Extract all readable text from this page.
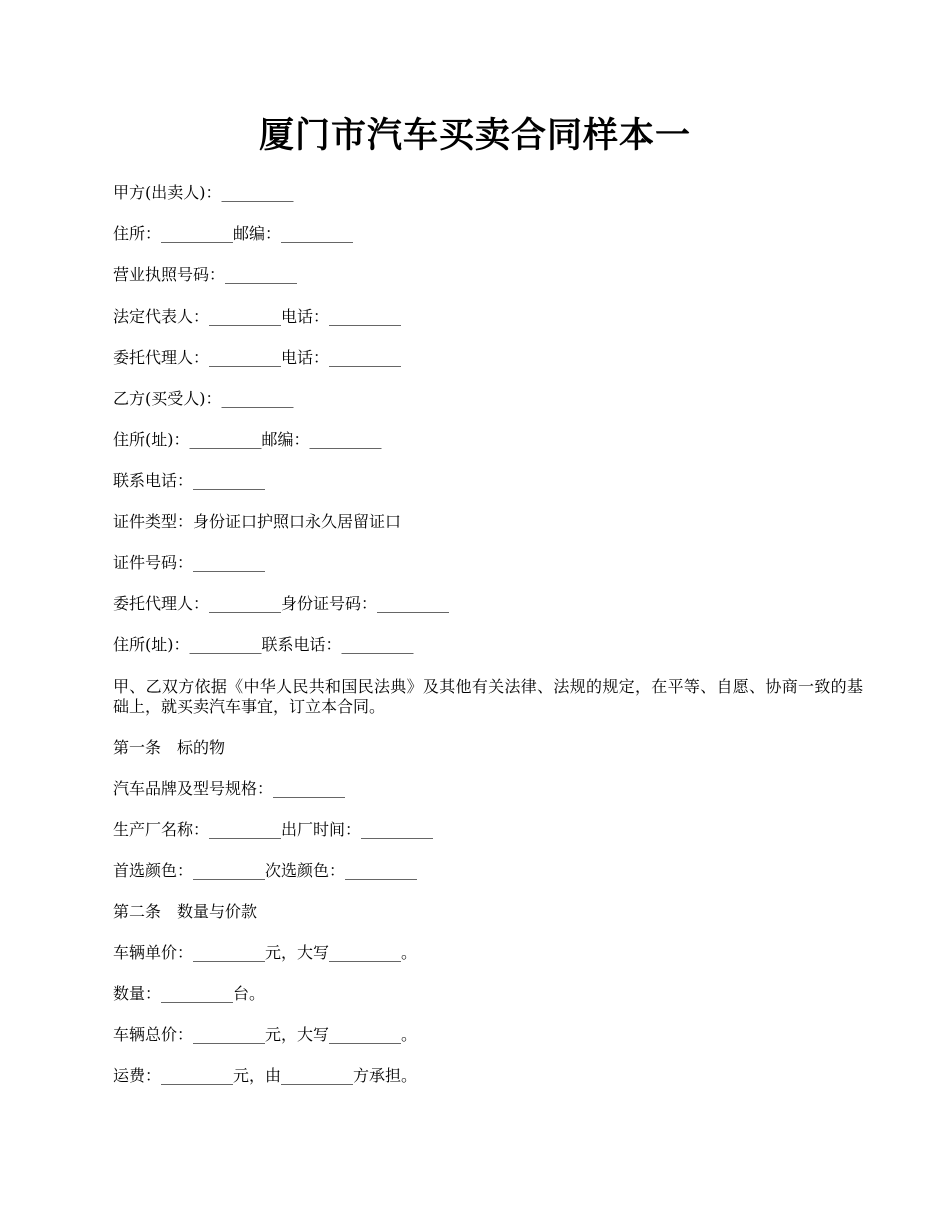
厦门市汽车买卖合同样本一

甲方(出卖人)：_________

住所：_________邮编：_________

营业执照号码：_________

法定代表人：_________电话：_________

委托代理人：_________电话：_________

乙方(买受人)：_________

住所(址)：_________邮编：_________

联系电话：_________

证件类型：身份证口护照口永久居留证口

证件号码：_________

委托代理人：_________身份证号码：_________

住所(址)：_________联系电话：_________

甲、乙双方依据《中华人民共和国民法典》及其他有关法律、法规的规定，在平等、自愿、协商一致的基础上，就买卖汽车事宜，订立本合同。

第一条　标的物

汽车品牌及型号规格：_________

生产厂名称：_________出厂时间：_________

首选颜色：_________次选颜色：_________

第二条　数量与价款

车辆单价：_________元，大写_________。

数量：_________台。

车辆总价：_________元，大写_________。

运费：_________元，由_________方承担。
